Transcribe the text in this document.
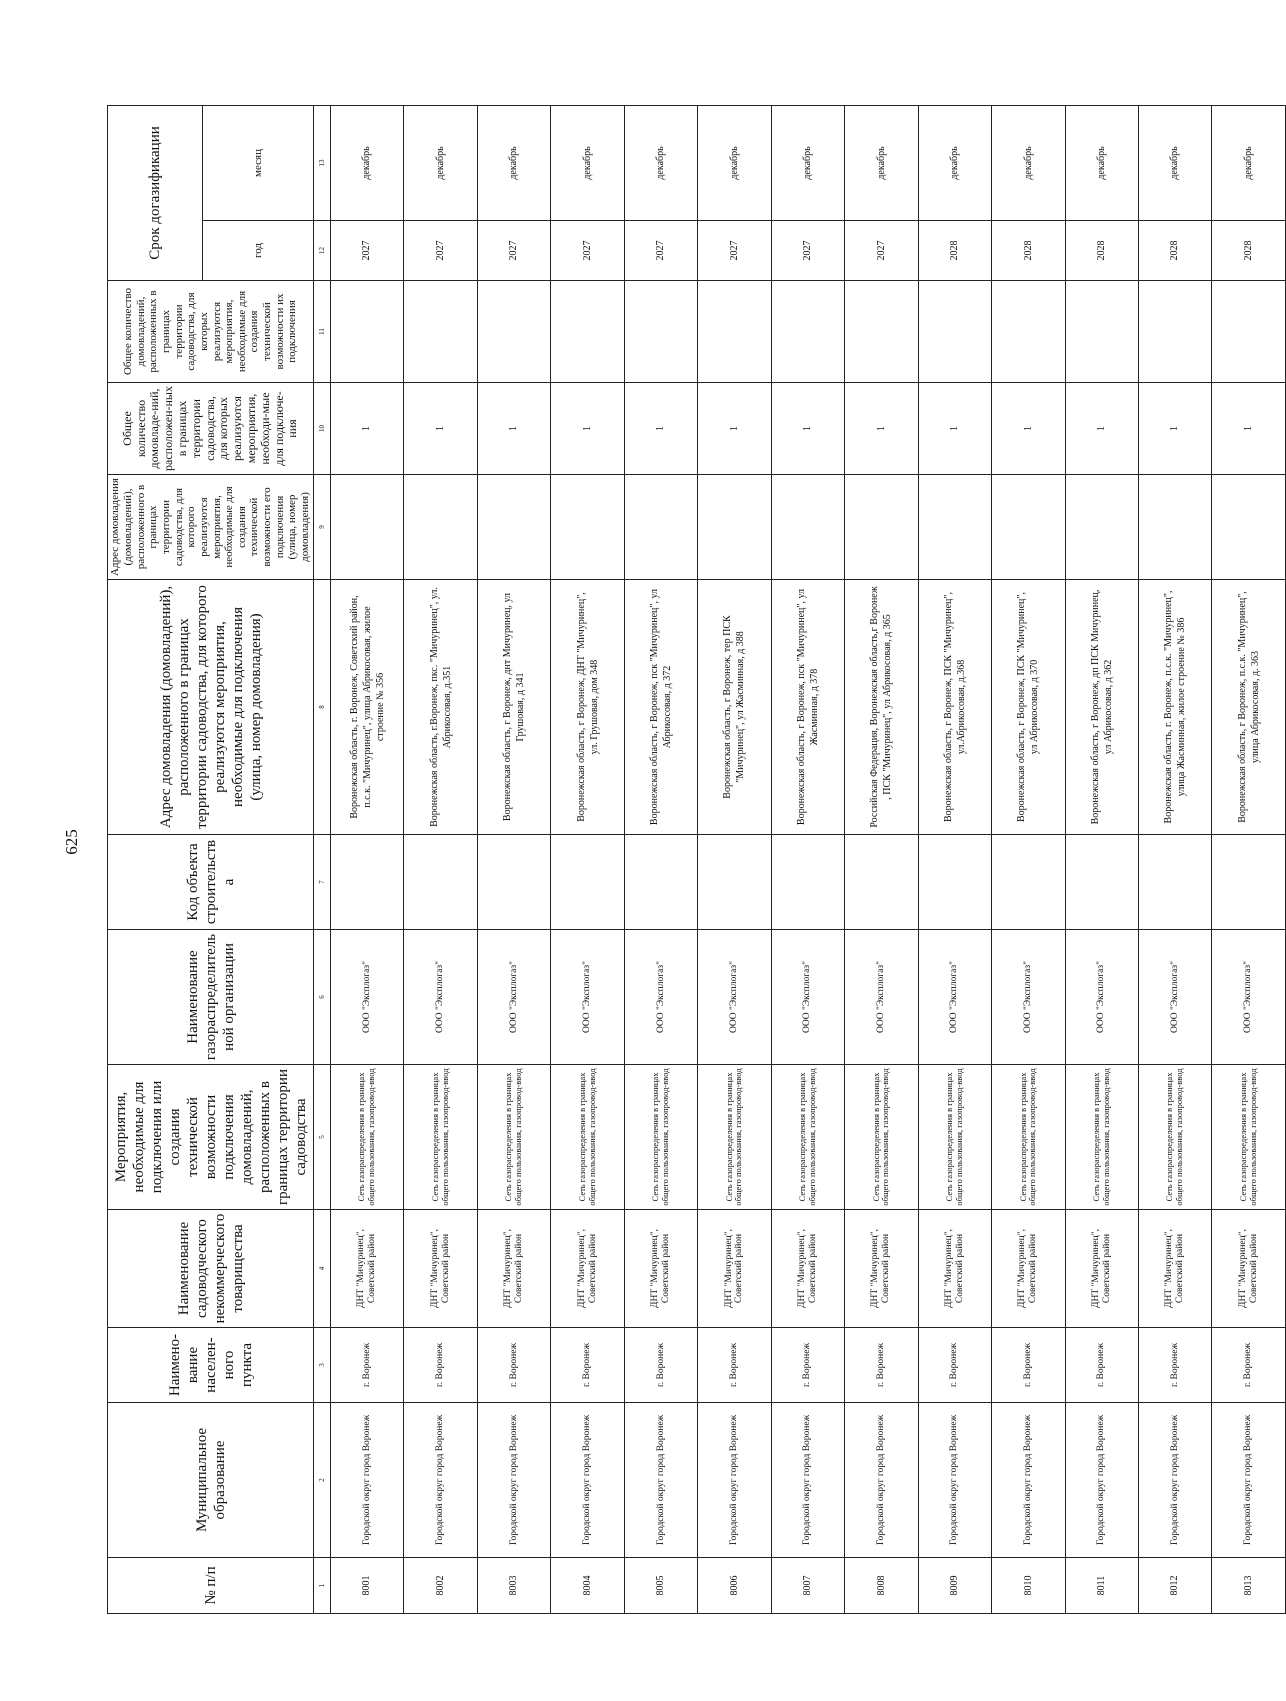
625
№ п/п	Муниципальное образование	Наимено-вание населен-ного пункта	Наименование садоводческого некоммерческого товарищества	Мероприятия, необходимые для подключения или создания технической возможности подключения домовладений, расположенных в границах территории садоводства	Наименование газораспределительной организации	Код объекта строительства	Адрес домовладения (домовладений), расположенного в границах территории садоводства, для которого реализуются мероприятия, необходимые для подключения (улица, номер домовладения)	Адрес домовладения (домовладений), расположенного в границах территории садоводства, для которого реализуются мероприятия, необходимые для создания технической возможности его подключения (улица, номер домовладения)	Общее количество домовладе-ний, расположен-ных в границах территории садоводства, для которых реализуются мероприятия, необходи-мые для подключе-ния	Общее количество домовладений, расположенных в границах территории садоводства, для которых реализуются мероприятия, необходимые для создания технической возможности их подключения	Срок догазификации	
											год	месяц
1	2	3	4	5	6	7	8	9	10	11	12	13
8001	Городской округ город Воронеж	г. Воронеж	ДНТ "Мичуринец", Советский район	Сеть газораспределения в границах общего пользования, газопровод-ввод	ООО "Эксплогаз"		Воронежская область, г. Воронеж, Советский район, п.с.к. "Мичуринец", улица Абрикосовая, жилое строение № 356		1		2027	декабрь
8002	Городской округ город Воронеж	г. Воронеж	ДНТ "Мичуринец", Советский район	Сеть газораспределения в границах общего пользования, газопровод-ввод	ООО "Эксплогаз"		Воронежская область, г.Воронеж, пкс. "Мичуринец", ул. Абрикосовая, д.351		1		2027	декабрь
8003	Городской округ город Воронеж	г. Воронеж	ДНТ "Мичуринец", Советский район	Сеть газораспределения в границах общего пользования, газопровод-ввод	ООО "Эксплогаз"		Воронежская область, г Воронеж, днт Мичуринец, ул Грушовая, д 341		1		2027	декабрь
8004	Городской округ город Воронеж	г. Воронеж	ДНТ "Мичуринец", Советский район	Сеть газораспределения в границах общего пользования, газопровод-ввод	ООО "Эксплогаз"		Воронежская область, г Воронеж, ДНТ "Мичуринец", ул. Грушовая, дом 348		1		2027	декабрь
8005	Городской округ город Воронеж	г. Воронеж	ДНТ "Мичуринец", Советский район	Сеть газораспределения в границах общего пользования, газопровод-ввод	ООО "Эксплогаз"		Воронежская область, г Воронеж, пск "Мичуринец", ул Абрикосовая, д 372		1		2027	декабрь
8006	Городской округ город Воронеж	г. Воронеж	ДНТ "Мичуринец", Советский район	Сеть газораспределения в границах общего пользования, газопровод-ввод	ООО "Эксплогаз"		Воронежская область, г Воронеж, тер ПСК "Мичуринец", ул Жасминная, д 388		1		2027	декабрь
8007	Городской округ город Воронеж	г. Воронеж	ДНТ "Мичуринец", Советский район	Сеть газораспределения в границах общего пользования, газопровод-ввод	ООО "Эксплогаз"		Воронежская область, г Воронеж, пск "Мичуринец", ул Жасминная, д 378		1		2027	декабрь
8008	Городской округ город Воронеж	г. Воронеж	ДНТ "Мичуринец", Советский район	Сеть газораспределения в границах общего пользования, газопровод-ввод	ООО "Эксплогаз"		Российская Федерация, Воронежская область,г Воронеж , ПСК "Мичуринец", ул Абрикосовая, д 365		1		2027	декабрь
8009	Городской округ город Воронеж	г. Воронеж	ДНТ "Мичуринец", Советский район	Сеть газораспределения в границах общего пользования, газопровод-ввод	ООО "Эксплогаз"		Воронежская область, г Воронеж, ПСК "Мичуринец", ул.Абрикосовая, д.368		1		2028	декабрь
8010	Городской округ город Воронеж	г. Воронеж	ДНТ "Мичуринец", Советский район	Сеть газораспределения в границах общего пользования, газопровод-ввод	ООО "Эксплогаз"		Воронежская область, г Воронеж, ПСК "Мичуринец", ул Абрикосовая, д 370		1		2028	декабрь
8011	Городской округ город Воронеж	г. Воронеж	ДНТ "Мичуринец", Советский район	Сеть газораспределения в границах общего пользования, газопровод-ввод	ООО "Эксплогаз"		Воронежская область, г Воронеж, дп ПСК Мичуринец, ул Абрикосовая, д 362		1		2028	декабрь
8012	Городской округ город Воронеж	г. Воронеж	ДНТ "Мичуринец", Советский район	Сеть газораспределения в границах общего пользования, газопровод-ввод	ООО "Эксплогаз"		Воронежская область, г. Воронеж, п.с.к. "Мичуринец", улица Жасминная, жилое строение № 386		1		2028	декабрь
8013	Городской округ город Воронеж	г. Воронеж	ДНТ "Мичуринец", Советский район	Сеть газораспределения в границах общего пользования, газопровод-ввод	ООО "Эксплогаз"		Воронежская область, г Воронеж, п.с.к. "Мичуринец", улица Абрикосовая, д. 363		1		2028	декабрь
